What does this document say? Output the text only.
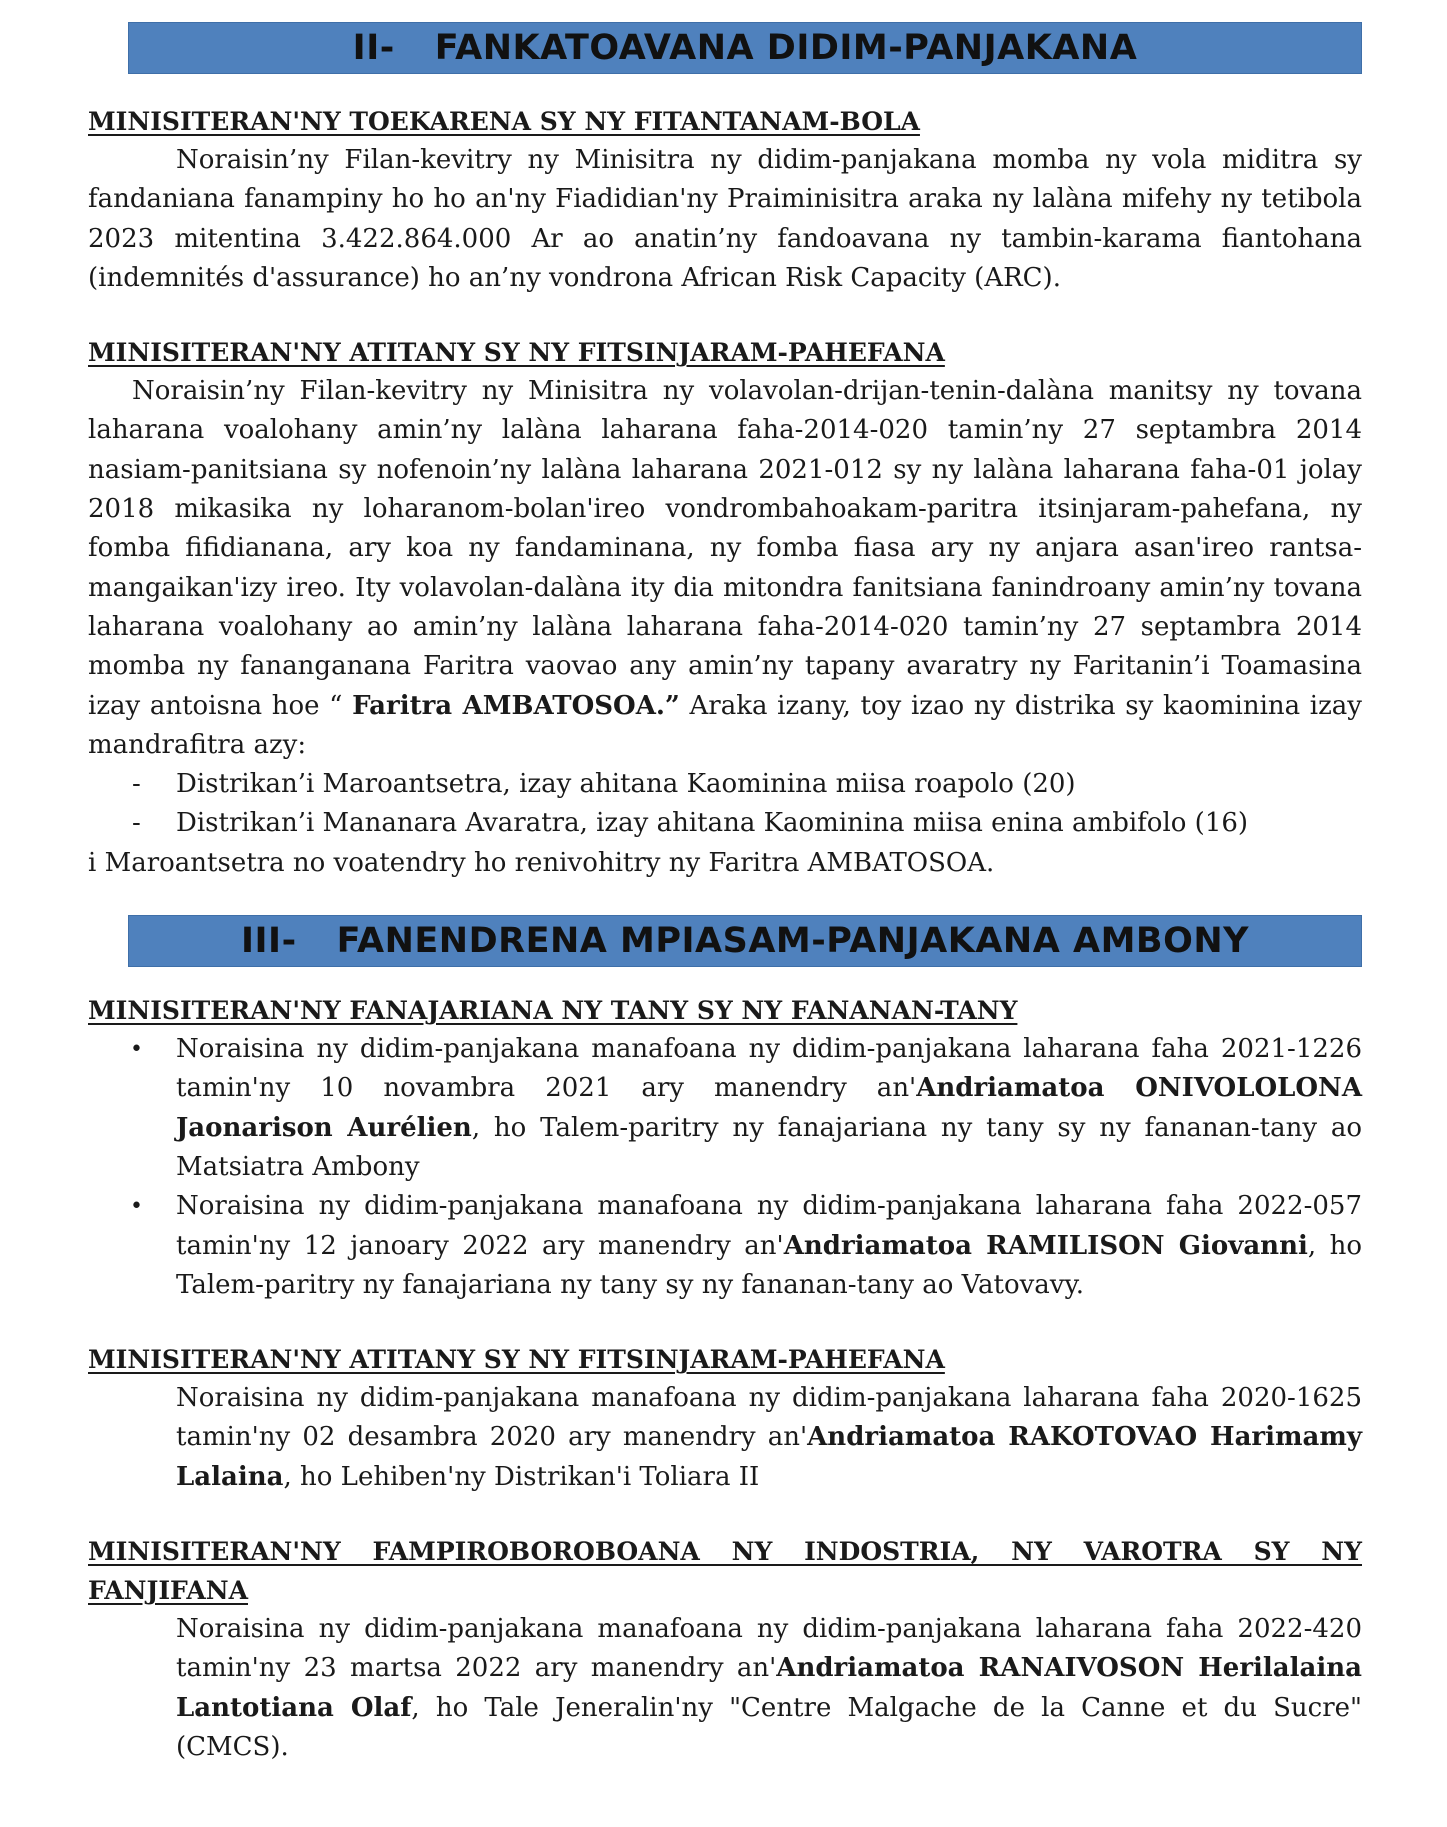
II- FANKATOAVANA DIDIM-PANJAKANA

MINISITERAN'NY TOEKARENA SY NY FITANTANAM-BOLA

Noraisin’ny Filan-kevitry ny Minisitra ny didim-panjakana momba ny vola miditra sy fandaniana fanampiny ho ho an'ny Fiadidian'ny Praiminisitra araka ny lalàna mifehy ny tetibola 2023 mitentina 3.422.864.000 Ar ao anatin’ny fandoavana ny tambin-karama fiantohana (indemnités d'assurance) ho an’ny vondrona African Risk Capacity (ARC).

MINISITERAN'NY ATITANY SY NY FITSINJARAM-PAHEFANA

Noraisin’ny Filan-kevitry ny Minisitra ny volavolan-drijan-tenin-dalàna manitsy ny tovana laharana voalohany amin’ny lalàna laharana faha-2014-020 tamin’ny 27 septambra 2014 nasiam-panitsiana sy nofenoin’ny lalàna laharana 2021-012 sy ny lalàna laharana faha-01 jolay 2018 mikasika ny loharanom-bolan'ireo vondrombahoakam-paritra itsinjaram-pahefana, ny fomba fifidianana, ary koa ny fandaminana, ny fomba fiasa ary ny anjara asan'ireo rantsa-mangaikan'izy ireo. Ity volavolan-dalàna ity dia mitondra fanitsiana fanindroany amin’ny tovana laharana voalohany ao amin’ny lalàna laharana faha-2014-020 tamin’ny 27 septambra 2014 momba ny fananganana Faritra vaovao any amin’ny tapany avaratry ny Faritanin’i Toamasina izay antoisna hoe “ Faritra AMBATOSOA.” Araka izany, toy izao ny distrika sy kaominina izay mandrafitra azy:

- Distrikan’i Maroantsetra, izay ahitana Kaominina miisa roapolo (20)
- Distrikan’i Mananara Avaratra, izay ahitana Kaominina miisa enina ambifolo (16)

i Maroantsetra no voatendry ho renivohitry ny Faritra AMBATOSOA.

III- FANENDRENA MPIASAM-PANJAKANA AMBONY

MINISITERAN'NY FANAJARIANA NY TANY SY NY FANANAN-TANY

• Noraisina ny didim-panjakana manafoana ny didim-panjakana laharana faha 2021-1226 tamin'ny 10 novambra 2021 ary manendry an'Andriamatoa ONIVOLOLONA Jaonarison Aurélien, ho Talem-paritry ny fanajariana ny tany sy ny fananan-tany ao Matsiatra Ambony
• Noraisina ny didim-panjakana manafoana ny didim-panjakana laharana faha 2022-057 tamin'ny 12 janoary 2022 ary manendry an'Andriamatoa RAMILISON Giovanni, ho Talem-paritry ny fanajariana ny tany sy ny fananan-tany ao Vatovavy.

MINISITERAN'NY ATITANY SY NY FITSINJARAM-PAHEFANA

Noraisina ny didim-panjakana manafoana ny didim-panjakana laharana faha 2020-1625 tamin'ny 02 desambra 2020 ary manendry an'Andriamatoa RAKOTOVAO Harimamy Lalaina, ho Lehiben'ny Distrikan'i Toliara II

MINISITERAN'NY FAMPIROBOROBOANA NY INDOSTRIA, NY VAROTRA SY NY FANJIFANA

Noraisina ny didim-panjakana manafoana ny didim-panjakana laharana faha 2022-420 tamin'ny 23 martsa 2022 ary manendry an'Andriamatoa RANAIVOSON Herilalaina Lantotiana Olaf, ho Tale Jeneralin'ny "Centre Malgache de la Canne et du Sucre" (CMCS).
